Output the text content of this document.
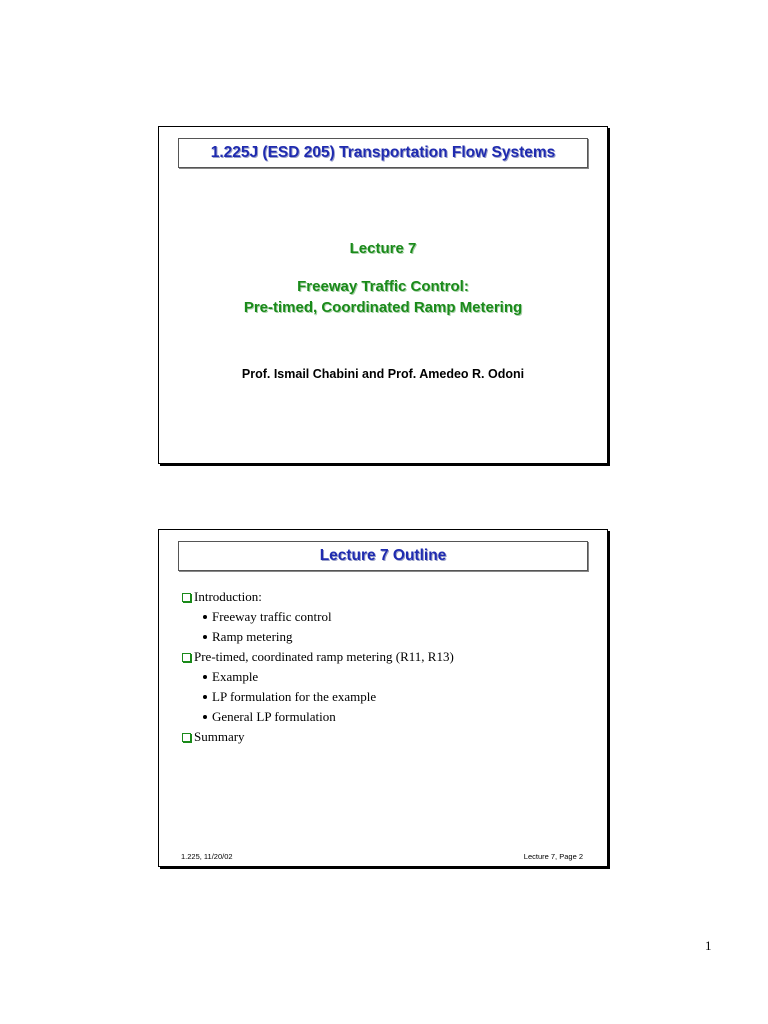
1.225J (ESD 205) Transportation Flow Systems
Lecture 7
Freeway Traffic Control:
Pre-timed, Coordinated Ramp Metering
Prof. Ismail Chabini and Prof. Amedeo R. Odoni
Lecture 7 Outline
Introduction:
Freeway traffic control
Ramp metering
Pre-timed, coordinated ramp metering (R11, R13)
Example
LP formulation for the example
General LP formulation
Summary
1.225, 11/20/02	Lecture 7, Page 2
1
